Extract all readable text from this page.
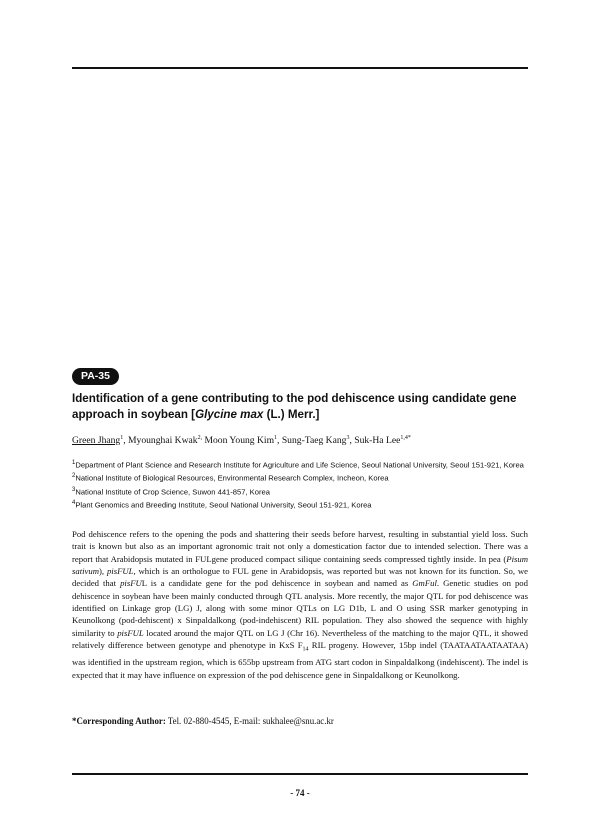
PA-35
Identification of a gene contributing to the pod dehiscence using candidate gene approach in soybean [Glycine max (L.) Merr.]
Green Jhang$^1$, Myounghai Kwak$^{2,}$ Moon Young Kim$^1$, Sung-Taeg Kang$^3$, Suk-Ha Lee$^{1,4*}$
$^1$Department of Plant Science and Research Institute for Agriculture and Life Science, Seoul National University, Seoul 151-921, Korea
$^2$National Institute of Biological Resources, Environmental Research Complex, Incheon, Korea
$^3$National Institute of Crop Science, Suwon 441-857, Korea
$^4$Plant Genomics and Breeding Institute, Seoul National University, Seoul 151-921, Korea

Pod dehiscence refers to the opening the pods and shattering their seeds before harvest, resulting in substantial yield loss. Such trait is known but also as an important agronomic trait not only a domestication factor due to intended selection. There was a report that Arabidopsis mutated in FULgene produced compact silique containing seeds compressed tightly inside. In pea (Pisum sativum), pisFUL, which is an orthologue to FUL gene in Arabidopsis, was reported but was not known for its function. So, we decided that pisFUL is a candidate gene for the pod dehiscence in soybean and named as GmFul. Genetic studies on pod dehiscence in soybean have been mainly conducted through QTL analysis. More recently, the major QTL for pod dehiscence was identified on Linkage grop (LG) J, along with some minor QTLs on LG D1b, L and O using SSR marker genotyping in Keunolkong (pod-dehiscent) x Sinpaldalkong (pod-indehiscent) RIL population. They also showed the sequence with highly similarity to pisFUL located around the major QTL on LG J (Chr 16). Nevertheless of the matching to the major QTL, it showed relatively difference between genotype and phenotype in KxS $F_{14}$ RIL progeny. However, 15bp indel (TAATAATAATAATAA) was identified in the upstream region, which is 655bp upstream from ATG start codon in Sinpaldalkong (indehiscent). The indel is expected that it may have influence on expression of the pod dehiscence gene in Sinpaldalkong or Keunolkong.

*Corresponding Author: Tel. 02-880-4545, E-mail: sukhalee@snu.ac.kr
- 74 -
